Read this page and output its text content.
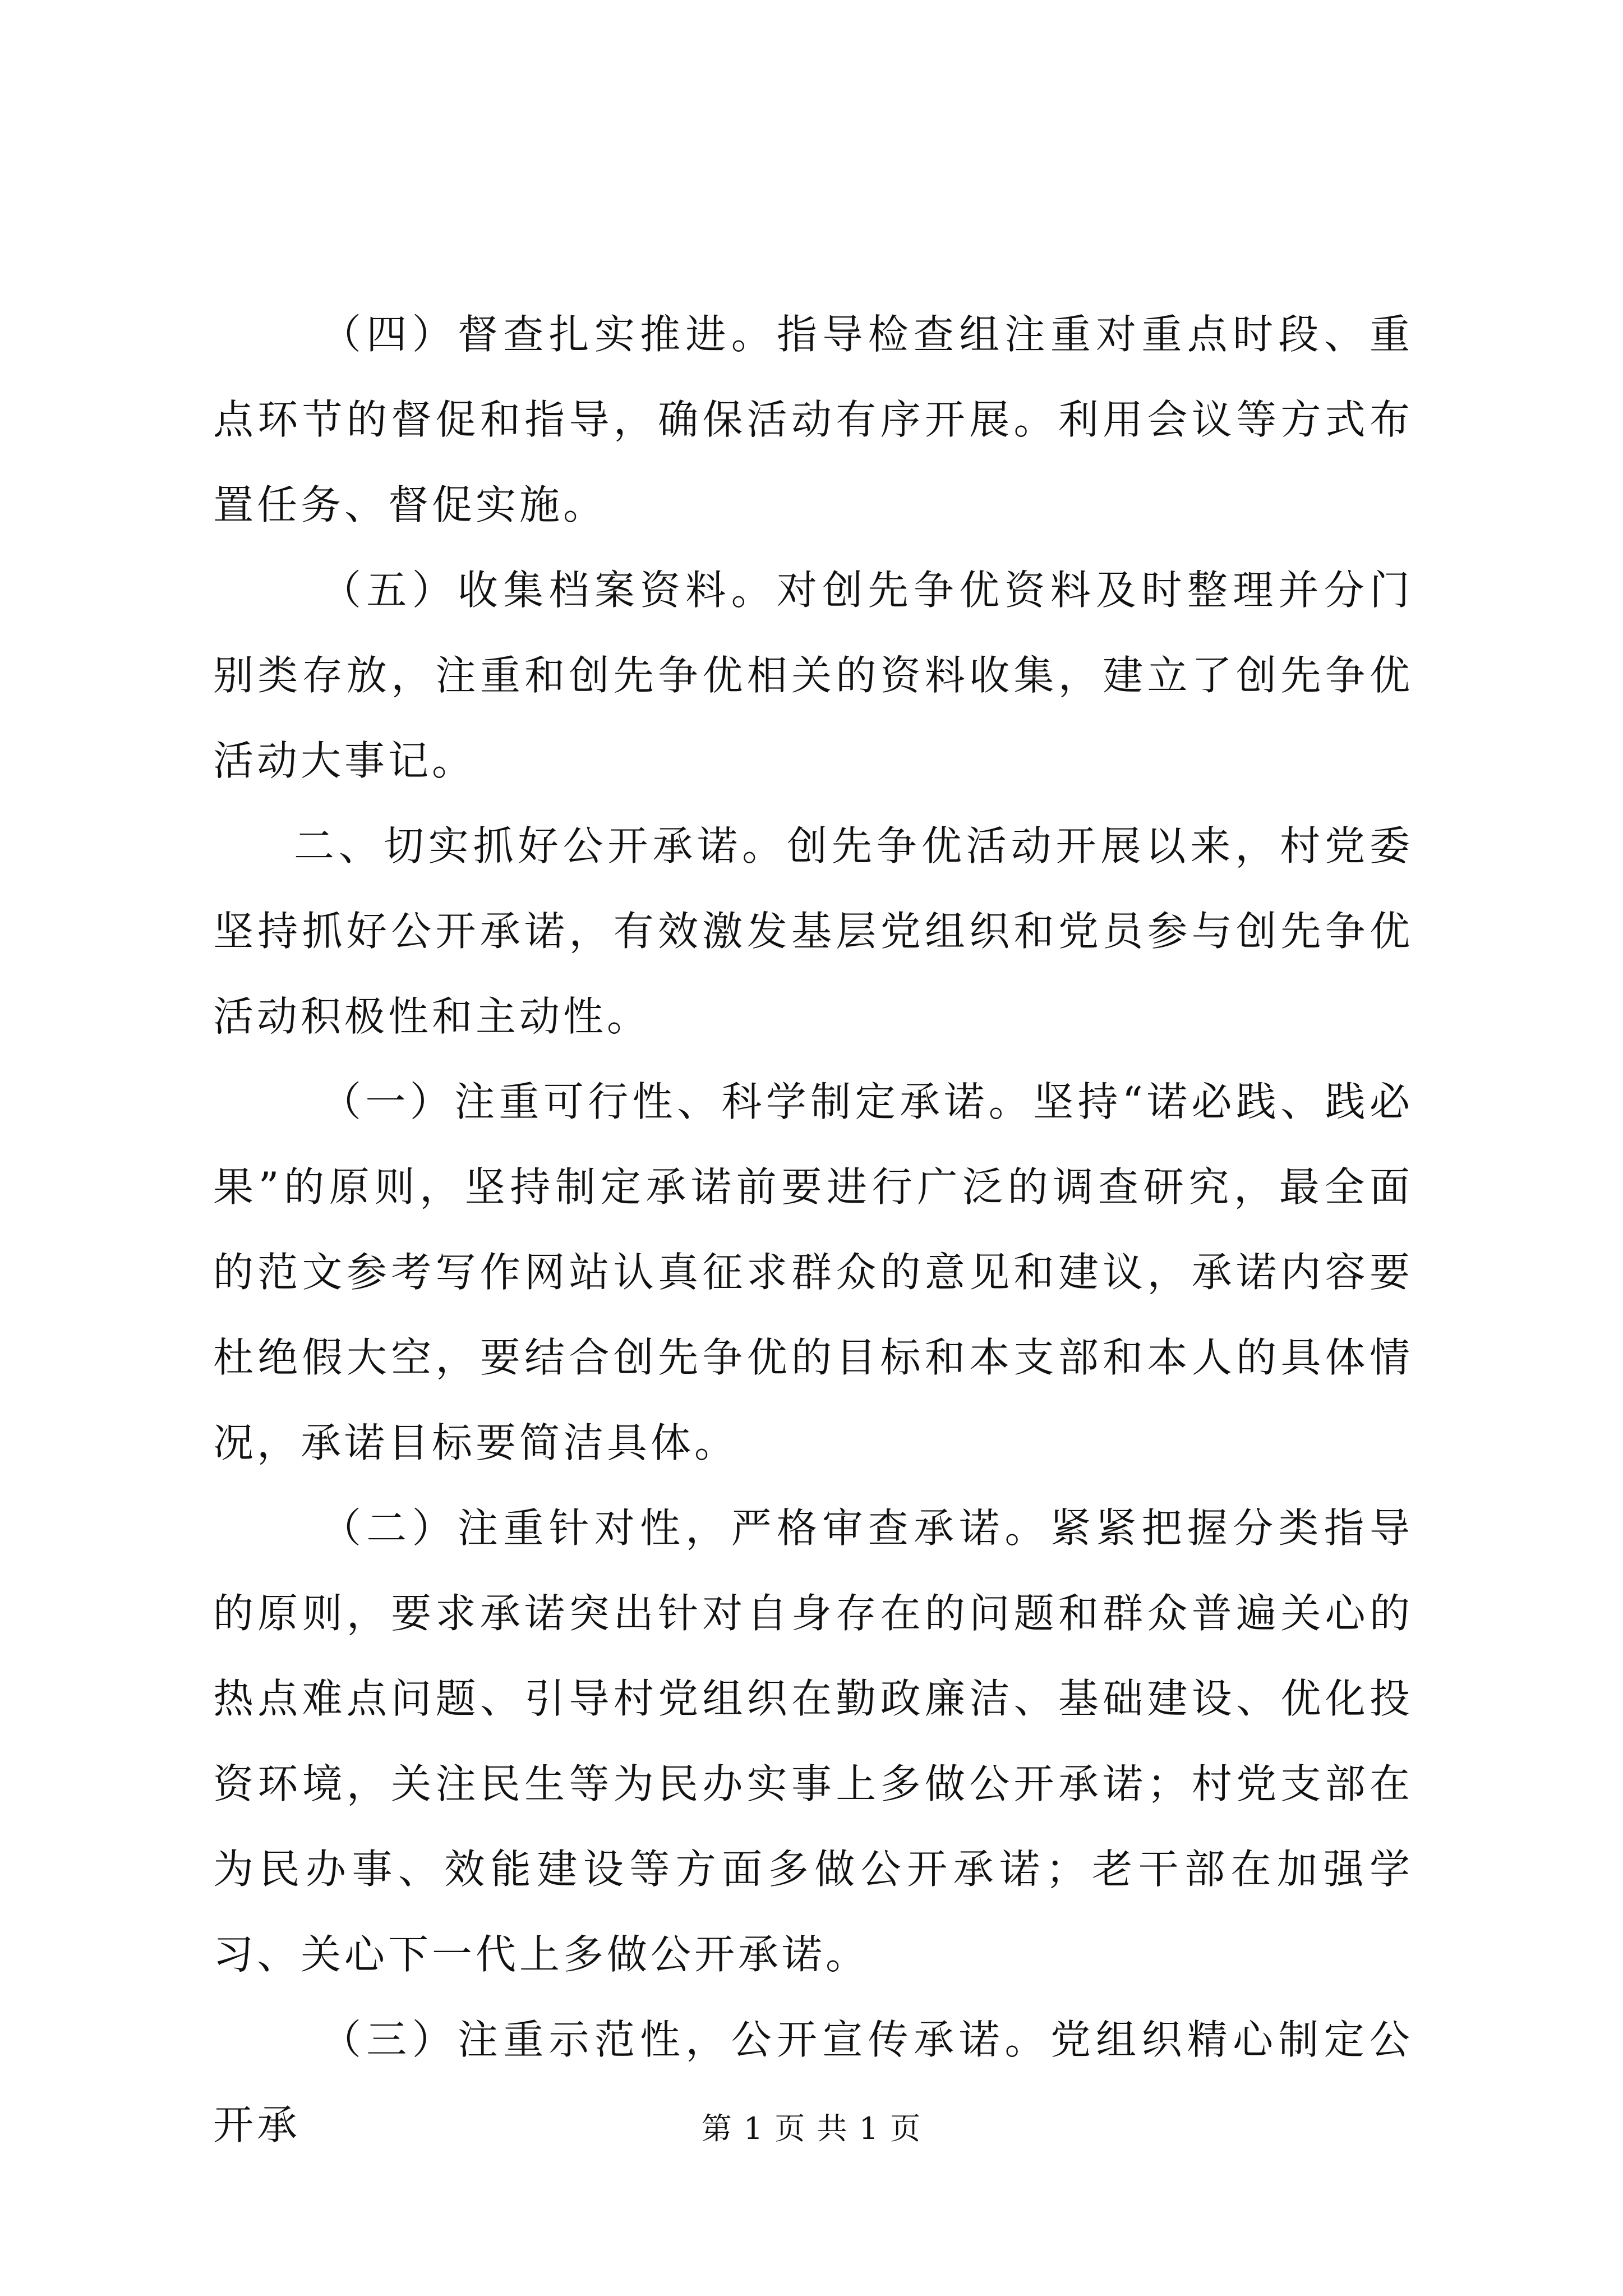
（四）督查扎实推进。指导检查组注重对重点时段、重点环节的督促和指导，确保活动有序开展。利用会议等方式布置任务、督促实施。

（五）收集档案资料。对创先争优资料及时整理并分门别类存放，注重和创先争优相关的资料收集，建立了创先争优活动大事记。

二、切实抓好公开承诺。创先争优活动开展以来，村党委坚持抓好公开承诺，有效激发基层党组织和党员参与创先争优活动积极性和主动性。

（一）注重可行性、科学制定承诺。坚持“诺必践、践必果”的原则，坚持制定承诺前要进行广泛的调查研究，最全面的范文参考写作网站认真征求群众的意见和建议，承诺内容要杜绝假大空，要结合创先争优的目标和本支部和本人的具体情况，承诺目标要简洁具体。

（二）注重针对性，严格审查承诺。紧紧把握分类指导的原则，要求承诺突出针对自身存在的问题和群众普遍关心的热点难点问题、引导村党组织在勤政廉洁、基础建设、优化投资环境，关注民生等为民办实事上多做公开承诺；村党支部在为民办事、效能建设等方面多做公开承诺；老干部在加强学习、关心下一代上多做公开承诺。

（三）注重示范性，公开宣传承诺。党组织精心制定公开承	第 1 页 共 1 页
